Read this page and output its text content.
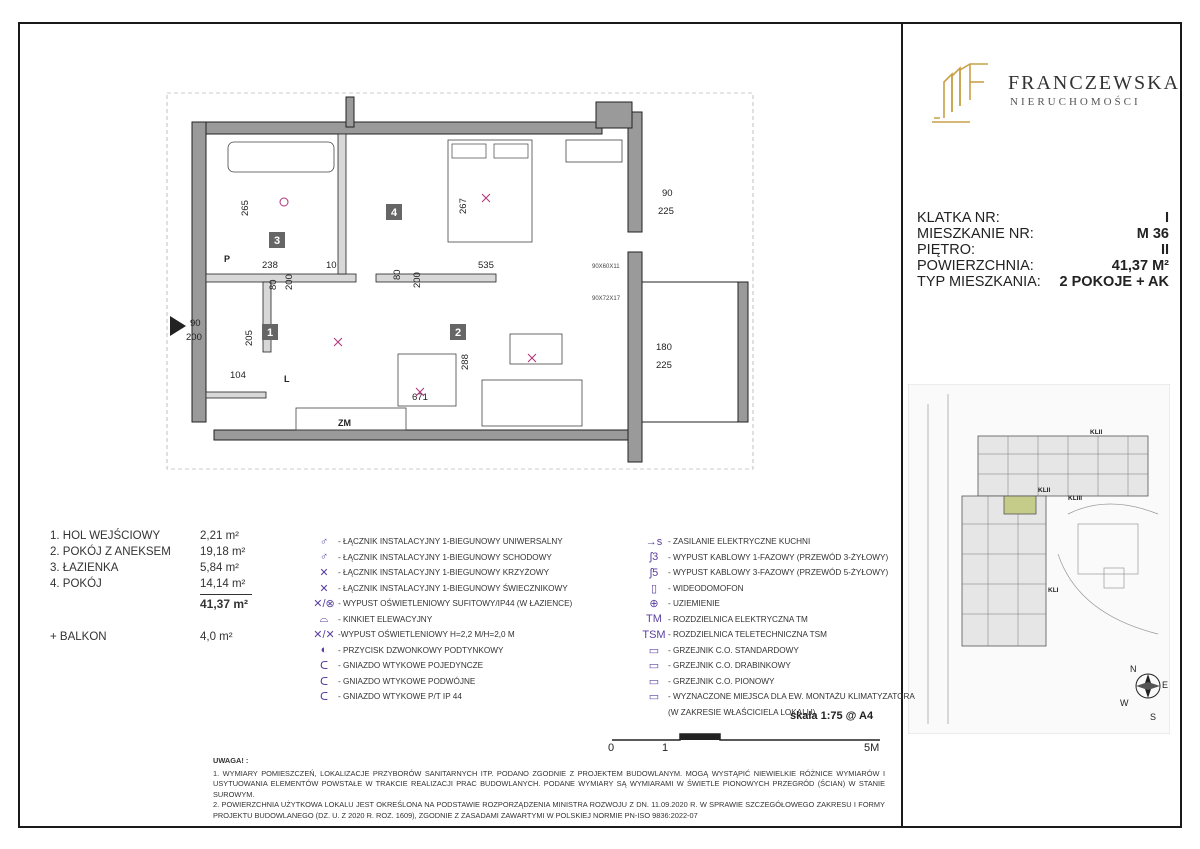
FRANCZEWSKA
NIERUCHOMOŚCI
KLATKA NR:	I
MIESZKANIE NR:	M 36
PIĘTRO:	II
POWIERZCHNIA:	41,37 M²
TYP MIESZKANIA: 2 POKOJE + AK
4
3
1	2
265
238	10
267
80 200	80 200
535
205
288
104
671
90
225
180
225
90
200
P
L
ZM
90X60X11
90X72X17
KLII
KLII
KLIII
KLI
N
E
W
S
1. HOL WEJŚCIOWY	2,21 m²
2. POKÓJ Z ANEKSEM	19,18 m²
3. ŁAZIENKA	5,84 m²
4. POKÓJ	14,14 m²
41,37 m²
+ BALKON	4,0 m²
♂	- ŁĄCZNIK INSTALACYJNY 1-BIEGUNOWY UNIWERSALNY
♂	- ŁĄCZNIK INSTALACYJNY 1-BIEGUNOWY SCHODOWY
✕	- ŁĄCZNIK INSTALACYJNY 1-BIEGUNOWY KRZYŻOWY
✕	- ŁĄCZNIK INSTALACYJNY 1-BIEGUNOWY ŚWIECZNIKOWY
✕/⊗ - WYPUST OŚWIETLENIOWY SUFITOWY/IP44 (W ŁAZIENCE)
⌓	- KINKIET ELEWACYJNY
✕/✕ -WYPUST OŚWIETLENIOWY H=2,2 M/H=2,0 M
◐	- PRZYCISK DZWONKOWY PODTYNKOWY
ᑕ	- GNIAZDO WTYKOWE POJEDYNCZE
ᑕ	- GNIAZDO WTYKOWE PODWÓJNE
ᑕ	- GNIAZDO WTYKOWE P/T IP 44
→s - ZASILANIE ELEKTRYCZNE KUCHNI
ʃ3	- WYPUST KABLOWY 1-FAZOWY (PRZEWÓD 3-ŻYŁOWY)
ʃ5	- WYPUST KABLOWY 3-FAZOWY (PRZEWÓD 5-ŻYŁOWY)
▯	- WIDEODOMOFON
⊕	- UZIEMIENIE
TM - ROZDZIELNICA ELEKTRYCZNA TM
TSM - ROZDZIELNICA TELETECHNICZNA TSM
▭	- GRZEJNIK C.O. STANDARDOWY
▭	- GRZEJNIK C.O. DRABINKOWY
▭	- GRZEJNIK C.O. PIONOWY
▭	- WYZNACZONE MIEJSCA DLA EW. MONTAŻU KLIMATYZATORA
(W ZAKRESIE WŁAŚCICIELA LOKALU)
skala 1:75 @ A4
0	1	5M
UWAGA! :
1. WYMIARY POMIESZCZEŃ, LOKALIZACJE PRZYBORÓW SANITARNYCH ITP. PODANO ZGODNIE Z PROJEKTEM BUDOWLANYM. MOGĄ WYSTĄPIĆ NIEWIELKIE RÓŻNICE WYMIARÓW I USYTUOWANIA ELEMENTÓW POWSTAŁE W TRAKCIE REALIZACJI PRAC BUDOWLANYCH. PODANE WYMIARY SĄ WYMIARAMI W ŚWIETLE PIONOWYCH PRZEGRÓD (ŚCIAN) W STANIE SUROWYM.
2. POWIERZCHNIA UŻYTKOWA LOKALU JEST OKREŚLONA NA PODSTAWIE ROZPORZĄDZENIA MINISTRA ROZWOJU Z DN. 11.09.2020 R. W SPRAWIE SZCZEGÓŁOWEGO ZAKRESU I FORMY PROJEKTU BUDOWLANEGO (DZ. U. Z 2020 R. ROZ. 1609), ZGODNIE Z ZASADAMI ZAWARTYMI W POLSKIEJ NORMIE PN-ISO 9836:2022-07
